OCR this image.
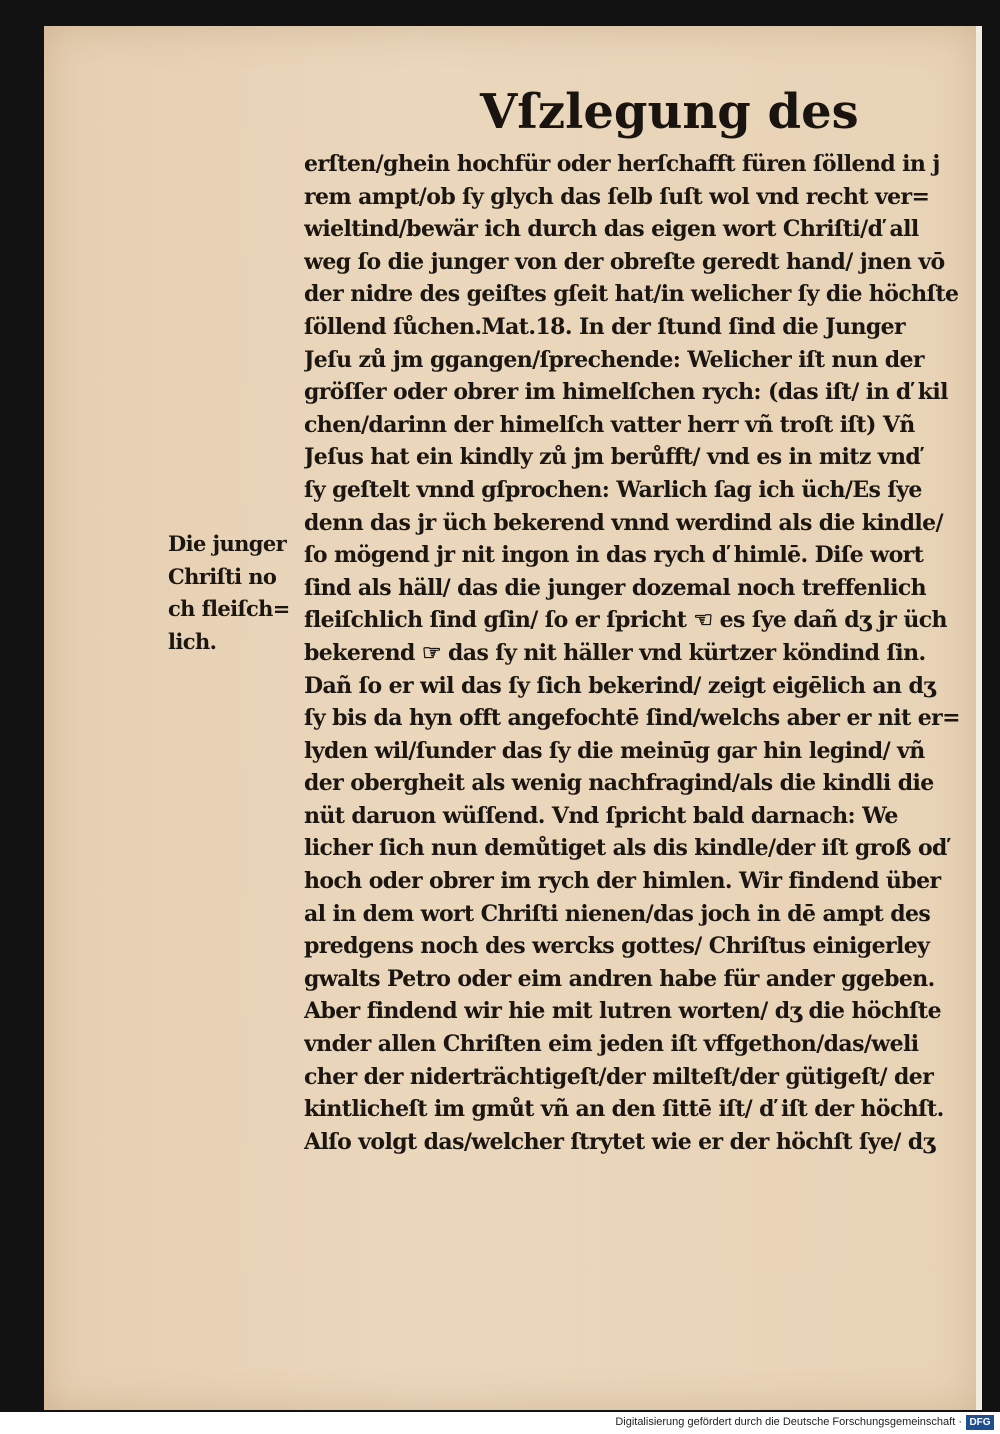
Vſzlegung des
Die junger
Chriſti no
ch fleiſch=
lich.
erſten/ghein hochfür oder herſchafft füren ſöllend in j
rem ampt/ob ſy glych das ſelb ſuſt wol vnd recht ver=
wieltind/bewär ich durch das eigen wort Chriſti/ď all
weg ſo die junger von der obreſte geredt hand/ jnen vō
der nidre des geiſtes gſeit hat/in welicher ſy die höchſte
ſöllend ſůchen.Mat.18. In der ſtund ſind die Junger
Jeſu zů jm ggangen/ſprechende: Welicher iſt nun der
gröſſer oder obrer im himelſchen rych: (das iſt/ in ď kil
chen/darinn der himelſch vatter herr vñ troſt iſt) Vñ
Jeſus hat ein kindly zů jm berůfft/ vnd es in mitz vnď
ſy geſtelt vnnd gſprochen: Warlich ſag ich üch/Es ſye
denn das jr üch bekerend vnnd werdind als die kindle/
ſo mögend jr nit ingon in das rych ď himlē. Diſe wort
ſind als häll/ das die junger dozemal noch treffenlich
fleiſchlich ſind gſin/ ſo er ſpricht ☜ es ſye dañ dʒ jr üch
bekerend ☞ das ſy nit häller vnd kürtzer köndind ſin.
Dañ ſo er wil das ſy ſich bekerind/ zeigt eigēlich an dʒ
ſy bis da hyn offt angefochtē ſind/welchs aber er nit er=
lyden wil/ſunder das ſy die meinūg gar hin legind/ vñ
der obergheit als wenig nachfragind/als die kindli die
nüt daruon wüſſend. Vnd ſpricht bald darnach: We
licher ſich nun demůtiget als dis kindle/der iſt groß oď
hoch oder obrer im rych der himlen. Wir findend über
al in dem wort Chriſti nienen/das joch in dē ampt des
predgens noch des wercks gottes/ Chriſtus einigerley
gwalts Petro oder eim andren habe für ander ggeben.
Aber findend wir hie mit lutren worten/ dʒ die höchſte
vnder allen Chriſten eim jeden iſt vffgethon/das/weli
cher der niderträchtigeſt/der milteſt/der gütigeſt/ der
kintlicheſt im gmůt vñ an den ſittē iſt/ ď iſt der höchſt.
Alſo volgt das/welcher ſtrytet wie er der höchſt ſye/ dʒ
Digitalisierung gefördert durch die Deutsche Forschungsgemeinschaft · DFG
